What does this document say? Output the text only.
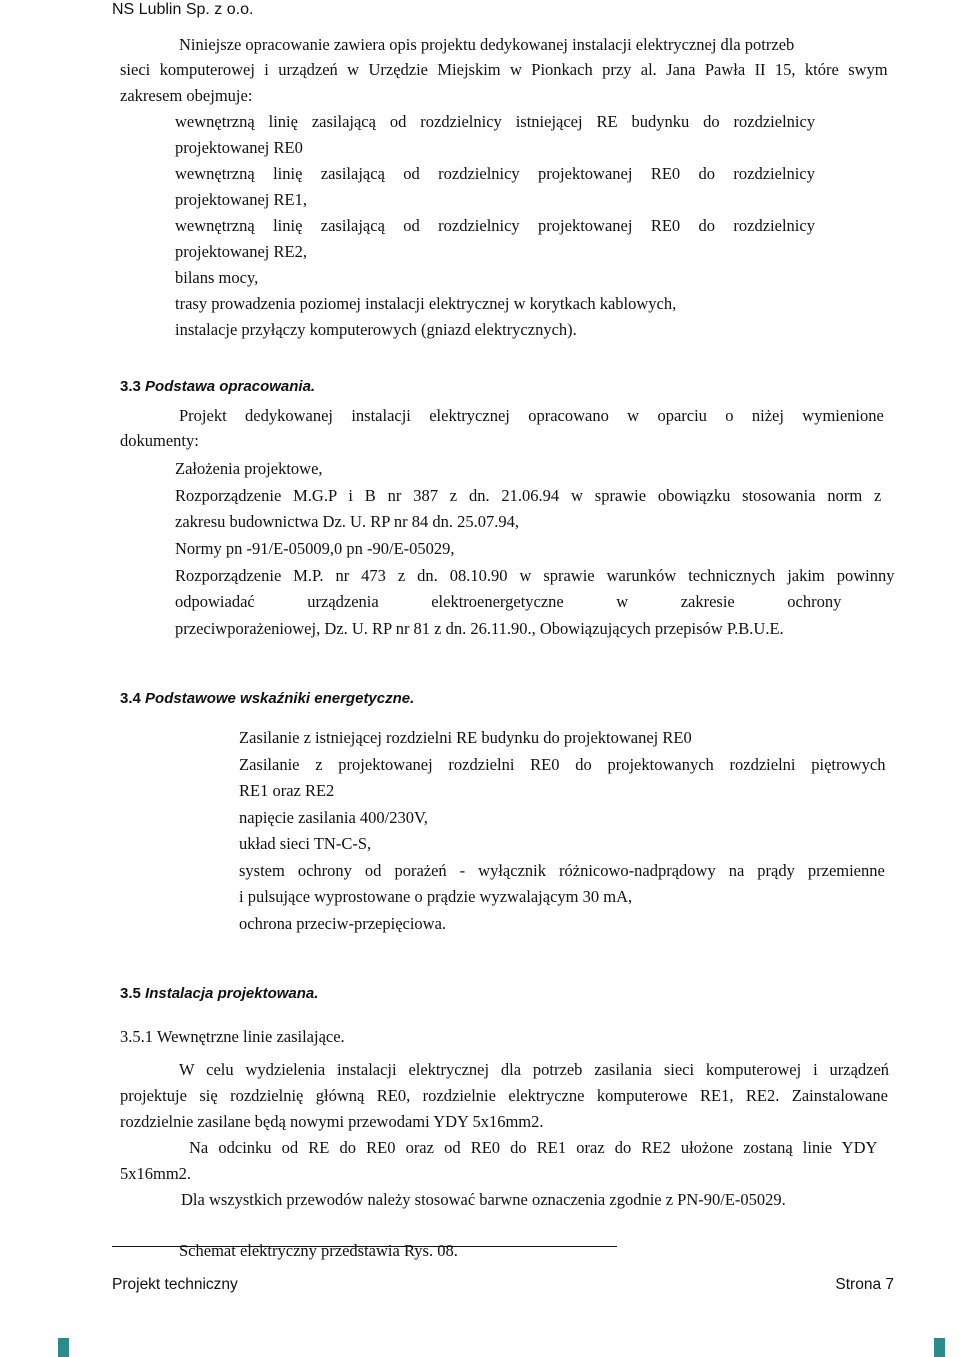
NS Lublin Sp. z o.o.
Niniejsze opracowanie zawiera opis projektu dedykowanej instalacji elektrycznej dla potrzeb
sieci komputerowej i urządzeń w Urzędzie Miejskim w Pionkach przy al. Jana Pawła II 15, które swym
zakresem obejmuje:
wewnętrzną linię zasilającą od rozdzielnicy istniejącej RE budynku do rozdzielnicy
projektowanej RE0
wewnętrzną linię zasilającą od rozdzielnicy projektowanej RE0 do rozdzielnicy
projektowanej RE1,
wewnętrzną linię zasilającą od rozdzielnicy projektowanej RE0 do rozdzielnicy
projektowanej RE2,
bilans mocy,
trasy prowadzenia poziomej instalacji elektrycznej w korytkach kablowych,
instalacje przyłączy komputerowych (gniazd elektrycznych).
3.3 Podstawa opracowania.
Projekt dedykowanej instalacji elektrycznej opracowano w oparciu o niżej wymienione
dokumenty:
Założenia projektowe,
Rozporządzenie M.G.P i B nr 387 z dn. 21.06.94 w sprawie obowiązku stosowania norm z
zakresu budownictwa Dz. U. RP nr 84 dn. 25.07.94,
Normy pn -91/E-05009,0 pn -90/E-05029,
Rozporządzenie M.P. nr 473 z dn. 08.10.90 w sprawie warunków technicznych jakim powinny
odpowiadać urządzenia elektroenergetyczne w zakresie ochrony
przeciwporażeniowej, Dz. U. RP nr 81 z dn. 26.11.90., Obowiązujących przepisów P.B.U.E.
3.4 Podstawowe wskaźniki energetyczne.
Zasilanie z istniejącej rozdzielni RE budynku do projektowanej RE0
Zasilanie z projektowanej rozdzielni RE0 do projektowanych rozdzielni piętrowych
RE1 oraz RE2
napięcie zasilania 400/230V,
układ sieci TN-C-S,
system ochrony od porażeń - wyłącznik różnicowo-nadprądowy na prądy przemienne
i pulsujące wyprostowane o prądzie wyzwalającym 30 mA,
ochrona przeciw-przepięciowa.
3.5 Instalacja projektowana.
3.5.1 Wewnętrzne linie zasilające.
W celu wydzielenia instalacji elektrycznej dla potrzeb zasilania sieci komputerowej i urządzeń
projektuje się rozdzielnię główną RE0, rozdzielnie elektryczne komputerowe RE1, RE2. Zainstalowane
rozdzielnie zasilane będą nowymi przewodami YDY 5x16mm2.
Na odcinku od RE do RE0 oraz od RE0 do RE1 oraz do RE2 ułożone zostaną linie YDY
5x16mm2.
Dla wszystkich przewodów należy stosować barwne oznaczenia zgodnie z PN-90/E-05029.
Schemat elektryczny przedstawia Rys. 08.
Projekt techniczny	Strona 7
